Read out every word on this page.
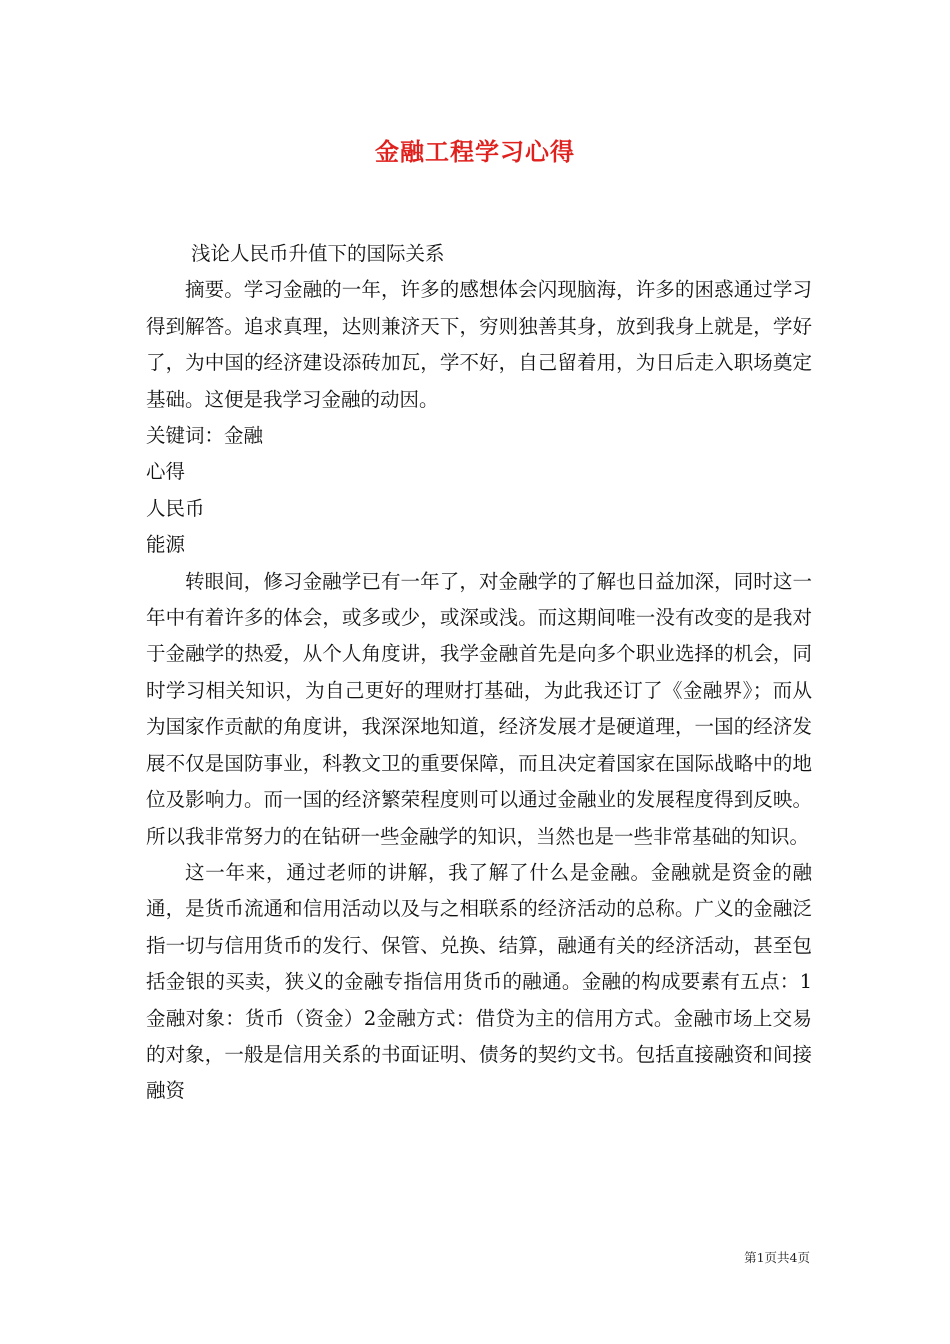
金融工程学习心得

浅论人民币升值下的国际关系

摘要。学习金融的一年，许多的感想体会闪现脑海，许多的困惑通过学习得到解答。追求真理，达则兼济天下，穷则独善其身，放到我身上就是，学好了，为中国的经济建设添砖加瓦，学不好，自己留着用，为日后走入职场奠定基础。这便是我学习金融的动因。

关键词：金融

心得

人民币

能源

转眼间，修习金融学已有一年了，对金融学的了解也日益加深，同时这一年中有着许多的体会，或多或少，或深或浅。而这期间唯一没有改变的是我对于金融学的热爱，从个人角度讲，我学金融首先是向多个职业选择的机会，同时学习相关知识，为自己更好的理财打基础，为此我还订了《金融界》；而从为国家作贡献的角度讲，我深深地知道，经济发展才是硬道理，一国的经济发展不仅是国防事业，科教文卫的重要保障，而且决定着国家在国际战略中的地位及影响力。而一国的经济繁荣程度则可以通过金融业的发展程度得到反映。所以我非常努力的在钻研一些金融学的知识，当然也是一些非常基础的知识。

这一年来，通过老师的讲解，我了解了什么是金融。金融就是资金的融通，是货币流通和信用活动以及与之相联系的经济活动的总称。广义的金融泛指一切与信用货币的发行、保管、兑换、结算，融通有关的经济活动，甚至包括金银的买卖，狭义的金融专指信用货币的融通。金融的构成要素有五点：1金融对象：货币（资金）2金融方式：借贷为主的信用方式。金融市场上交易的对象，一般是信用关系的书面证明、债务的契约文书。包括直接融资和间接融资

第1页共4页
